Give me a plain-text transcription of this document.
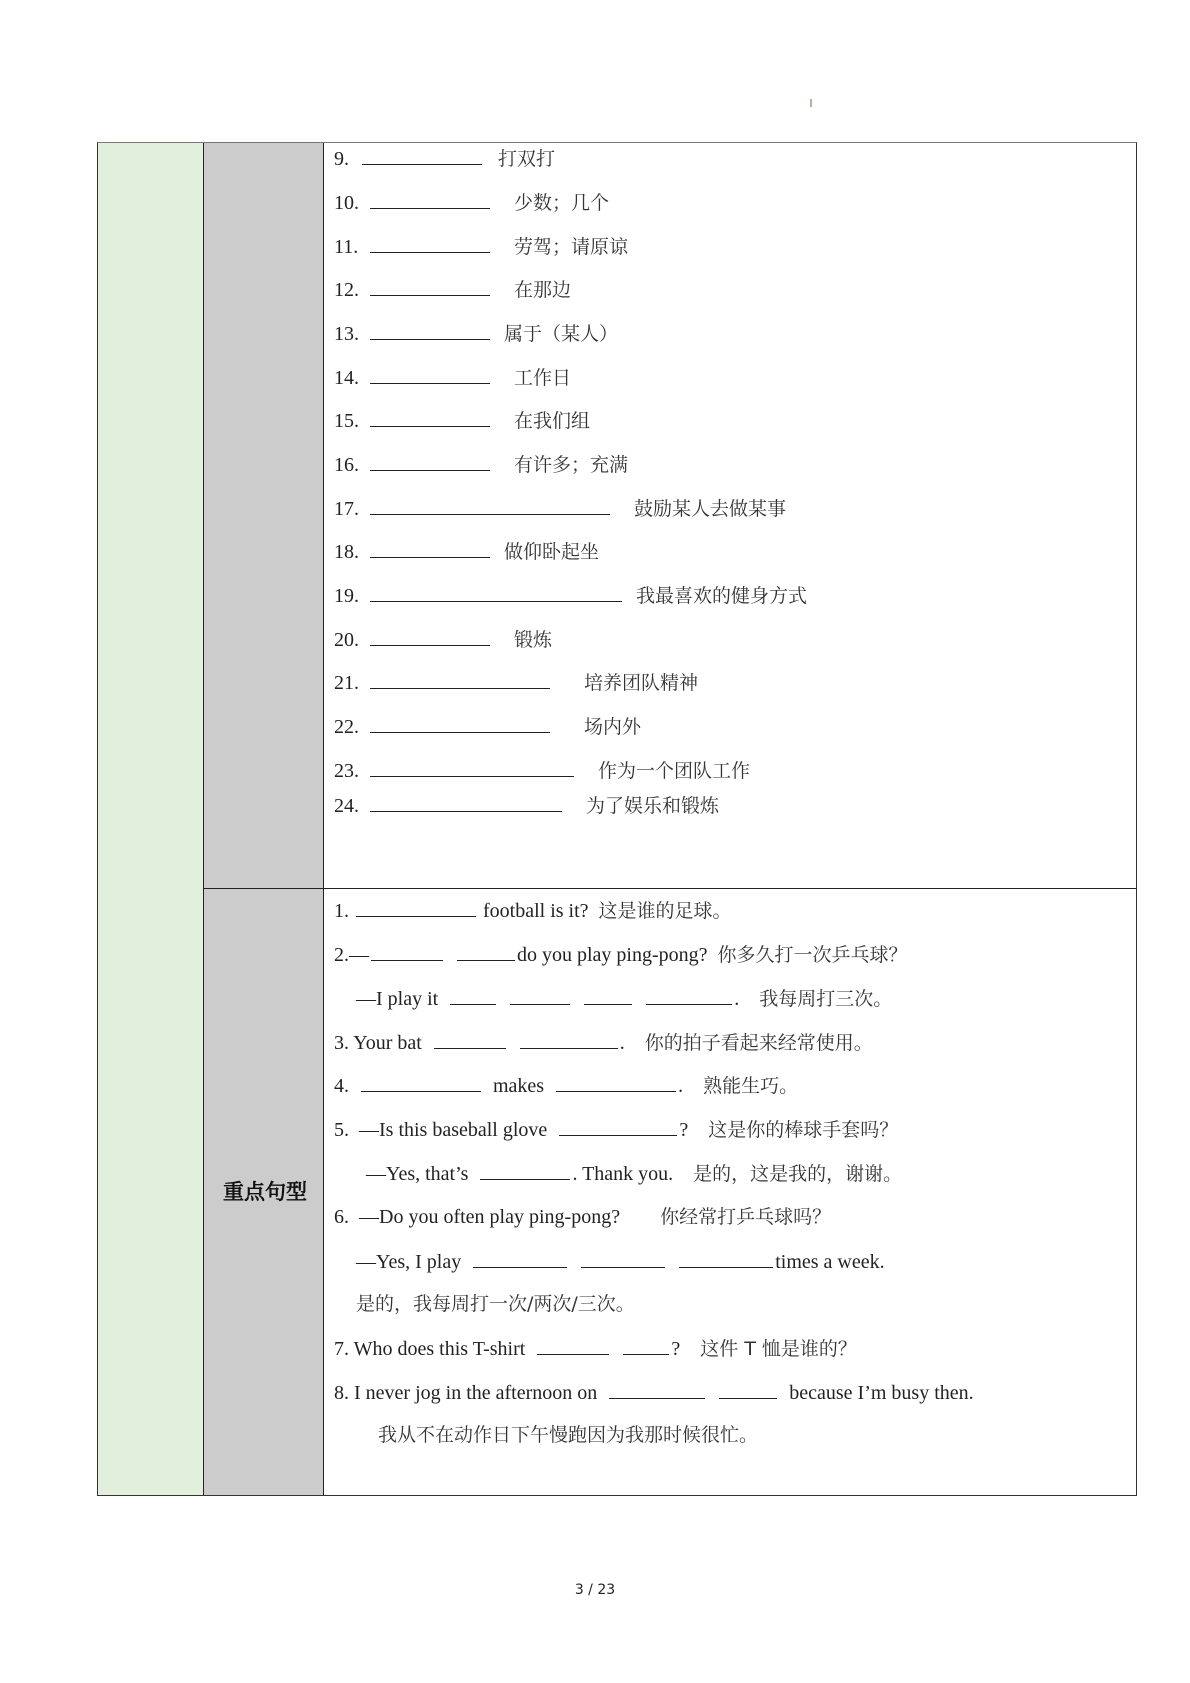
重点句型
9.	打双打
10.	少数；几个
11.	劳驾；请原谅
12.	在那边
13.	属于（某人）
14.	工作日
15.	在我们组
16.	有许多；充满
17.	鼓励某人去做某事
18.	做仰卧起坐
19.	我最喜欢的健身方式
20.	锻炼
21.	培养团队精神
22.	场内外
23.	作为一个团队工作
24.	为了娱乐和锻炼
1.	football is it?  这是谁的足球。
2.—	do you play ping-pong?  你多久打一次乒乓球？
—I play it	.    我每周打三次。
3. Your bat	.    你的拍子看起来经常使用。
4.	makes	.    熟能生巧。
5.  —Is this baseball glove	?    这是你的棒球手套吗？
—Yes, that’s	. Thank you.    是的，这是我的，谢谢。
6.  —Do you often play ping-pong?        你经常打乒乓球吗？
—Yes, I play	times a week.
是的，我每周打一次/两次/三次。
7. Who does this T-shirt	?    这件 T 恤是谁的？
8. I never jog in the afternoon on	because I’m busy then.
我从不在动作日下午慢跑因为我那时候很忙。
3 / 23
